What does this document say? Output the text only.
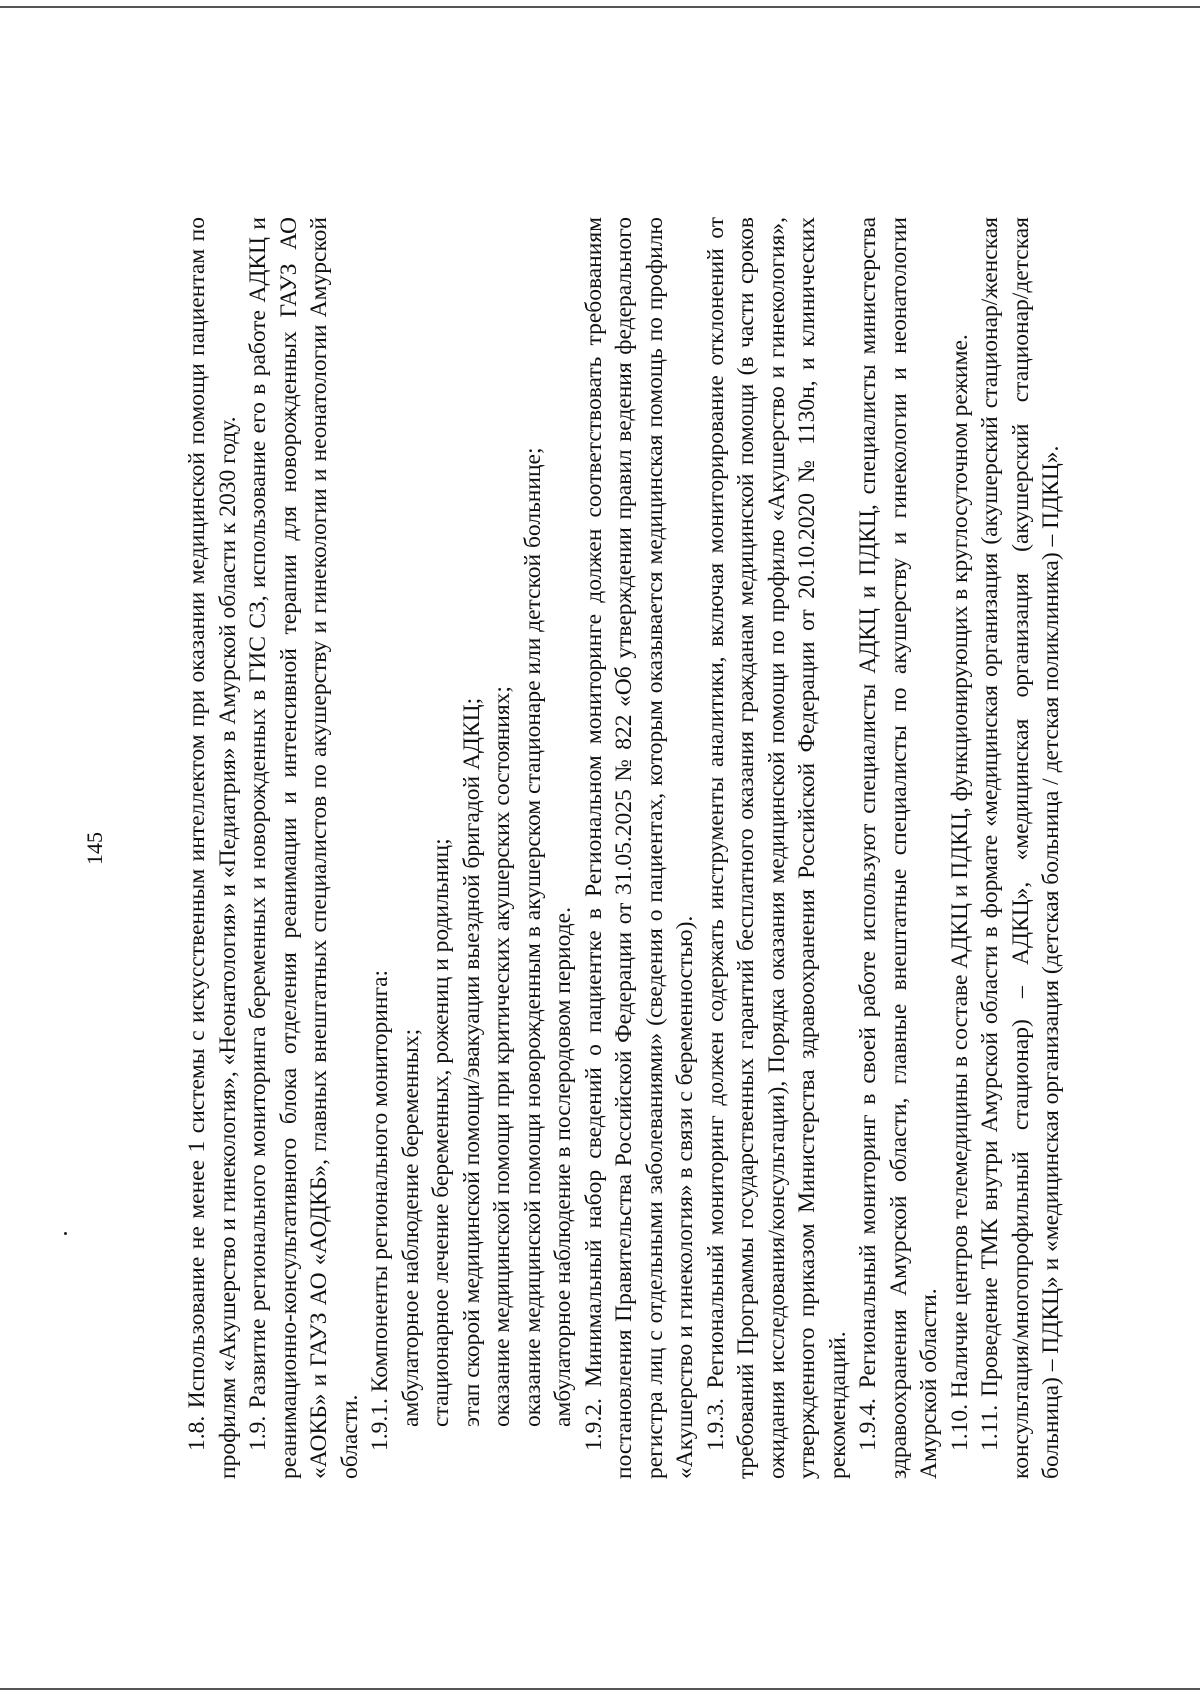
145	1.8. Использование не менее 1 системы с искусственным интеллектом при оказании медицинской помощи пациентам по профилям «Акушерство и гинекология», «Неонатология» и «Педиатрия» в Амурской области к 2030 году. 1.9. Развитие регионального мониторинга беременных и новорожденных в ГИС СЗ, использование его в работе АДКЦ и реанимационно-консультативного блока отделения реанимации и интенсивной терапии для новорожденных ГАУЗ АО «АОКБ» и ГАУЗ АО «АОДКБ», главных внештатных специалистов по акушерству и гинекологии и неонатологии Амурской области. 1.9.1. Компоненты регионального мониторинга: амбулаторное наблюдение беременных; стационарное лечение беременных, рожениц и родильниц; этап скорой медицинской помощи/эвакуации выездной бригадой АДКЦ; оказание медицинской помощи при критических акушерских состояниях; оказание медицинской помощи новорожденным в акушерском стационаре или детской больнице; амбулаторное наблюдение в послеродовом периоде. 1.9.2. Минимальный набор сведений о пациентке в Региональном мониторинге должен соответствовать требованиям постановления Правительства Российской Федерации от 31.05.2025 № 822 «Об утверждении правил ведения федерального регистра лиц с отдельными заболеваниями» (сведения о пациентах, которым оказывается медицинская помощь по профилю «Акушерство и гинекология» в связи с беременностью). 1.9.3. Региональный мониторинг должен содержать инструменты аналитики, включая мониторирование отклонений от требований Программы государственных гарантий бесплатного оказания гражданам медицинской помощи (в части сроков ожидания исследования/консультации), Порядка оказания медицинской помощи по профилю «Акушерство и гинекология», утвержденного приказом Министерства здравоохранения Российской Федерации от 20.10.2020 № 1130н, и клинических рекомендаций. 1.9.4. Региональный мониторинг в своей работе используют специалисты АДКЦ и ПДКЦ, специалисты министерства здравоохранения Амурской области, главные внештатные специалисты по акушерству и гинекологии и неонатологии Амурской области. 1.10. Наличие центров телемедицины в составе АДКЦ и ПДКЦ, функционирующих в круглосуточном режиме. 1.11. Проведение ТМК внутри Амурской области в формате «медицинская организация (акушерский стационар/женская консультация/многопрофильный стационар) – АДКЦ», «медицинская организация (акушерский стационар/детская больница) – ПДКЦ» и «медицинская организация (детская больница / детская поликлиника) – ПДКЦ».
